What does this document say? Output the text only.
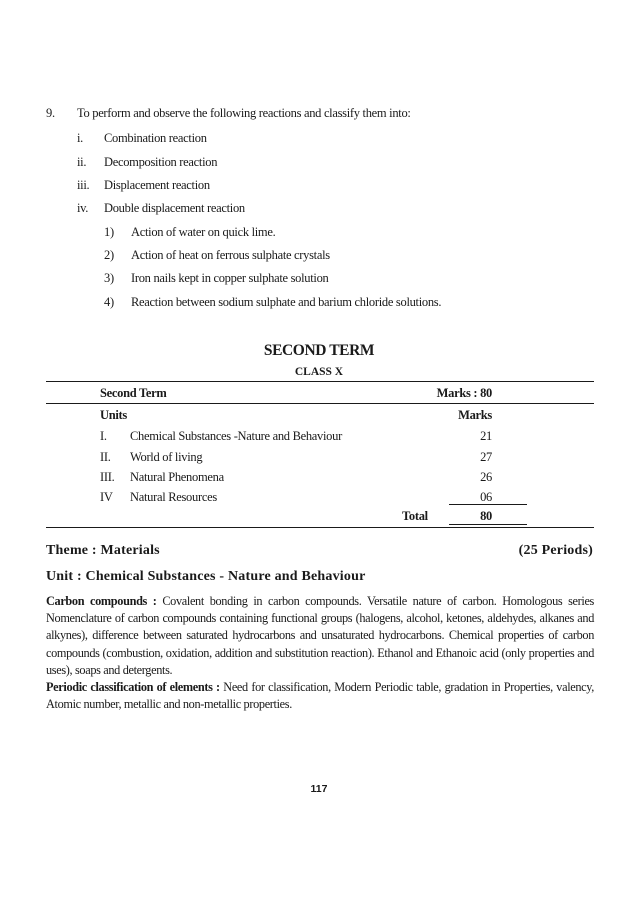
9. To perform and observe the following reactions and classify them into:
i. Combination reaction
ii. Decomposition reaction
iii. Displacement reaction
iv. Double displacement reaction
1) Action of water on quick lime.
2) Action of heat on ferrous sulphate crystals
3) Iron nails kept in copper sulphate solution
4) Reaction between sodium sulphate and barium chloride solutions.
SECOND TERM
CLASS X
Second Term	Marks : 80
Units	Marks
I. Chemical Substances -Nature and Behaviour	21
II. World of living	27
III. Natural Phenomena	26
IV Natural Resources	06
Total	80
Theme : Materials	(25 Periods)
Unit : Chemical Substances - Nature and Behaviour
Carbon compounds : Covalent bonding in carbon compounds. Versatile nature of carbon. Homologous series Nomenclature of carbon compounds containing functional groups (halogens, alcohol, ketones, aldehydes, alkanes and alkynes), difference between saturated hydrocarbons and unsaturated hydrocarbons. Chemical properties of carbon compounds (combustion, oxidation, addition and substitution reaction). Ethanol and Ethanoic acid (only properties and uses), soaps and detergents.
Periodic classification of elements : Need for classification, Modern Periodic table, gradation in Properties, valency, Atomic number, metallic and non-metallic properties.
117
